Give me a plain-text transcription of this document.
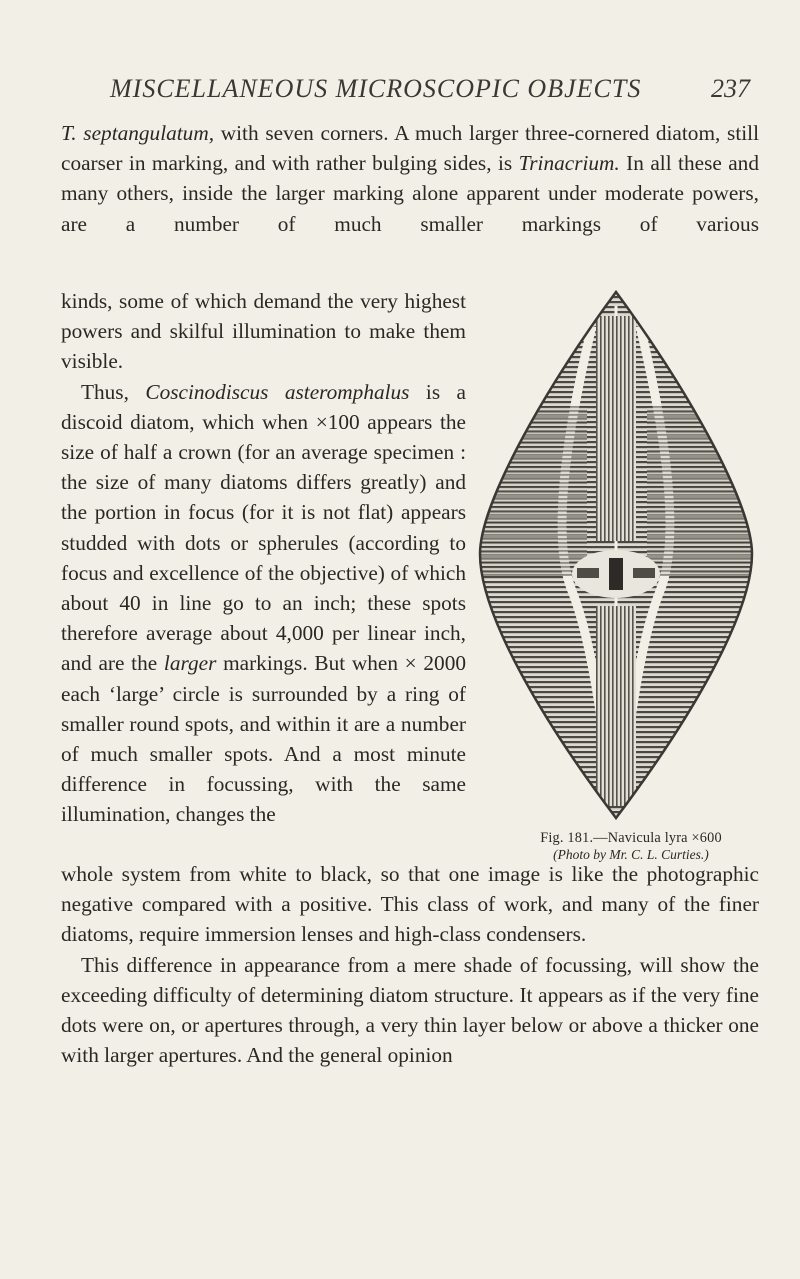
MISCELLANEOUS MICROSCOPIC OBJECTS	237

T. septangulatum, with seven corners. A much larger three-cornered diatom, still coarser in marking, and with rather bulging sides, is Trinacrium. In all these and many others, inside the larger marking alone apparent under moderate powers, are a number of much smaller markings of various

kinds, some of which demand the very highest powers and skilful illumination to make them visible.

Thus, Coscinodiscus asteromphalus is a discoid diatom, which when ×100 appears the size of half a crown (for an average specimen : the size of many diatoms differs greatly) and the portion in focus (for it is not flat) appears studded with dots or spherules (according to focus and excellence of the objective) of which about 40 in line go to an inch; these spots therefore average about 4,000 per linear inch, and are the larger markings. But when × 2000 each ‘large’ circle is surrounded by a ring of smaller round spots, and within it are a number of much smaller spots. And a most minute difference in focussing, with the same illumination, changes the

Fig. 181.—Navicula lyra ×600
(Photo by Mr. C. L. Curties.)

whole system from white to black, so that one image is like the photographic negative compared with a positive. This class of work, and many of the finer diatoms, require immersion lenses and high-class condensers.

This difference in appearance from a mere shade of focussing, will show the exceeding difficulty of determining diatom structure. It appears as if the very fine dots were on, or apertures through, a very thin layer below or above a thicker one with larger apertures. And the general opinion
